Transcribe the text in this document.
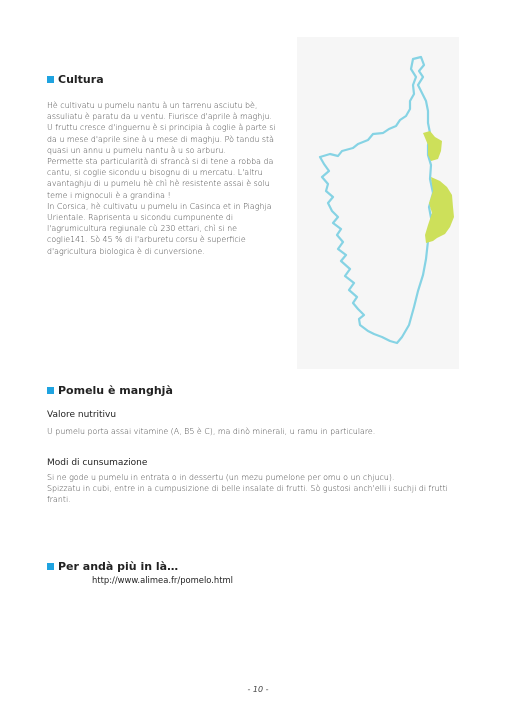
Cultura
Hè cultivatu u pumelu nantu à un tarrenu asciutu bè,
assuliatu è paratu da u ventu. Fiurisce d'aprile à maghju.
U fruttu cresce d'inguernu è si principia à coglie à parte si
da u mese d'aprile sine à u mese di maghju. Pò tandu stà
quasi un annu u pumelu nantu à u so arburu.
Permette sta particularità di sfrancà si di tene a robba da
cantu, si coglie sicondu u bisognu di u mercatu. L'altru
avantaghju di u pumelu hè chì hè resistente assai è solu
teme i mignoculi è a grandina !
In Corsica, hè cultivatu u pumelu in Casinca et in Piaghja
Urientale. Raprisenta u sicondu cumpunente di
l'agrumicultura regiunale cù 230 ettari, chì si ne
coglie141. Sò 45 % di l'arburetu corsu è superficie
d'agricultura biologica è di cunversione.
Pomelu è manghjà
Valore nutritivu
U pumelu porta assai vitamine (A, B5 è C), ma dinò minerali, u ramu in particulare.
Modi di cunsumazione
Si ne gode u pumelu in entrata o in dessertu (un mezu pumelone per omu o un chjucu).
Spizzatu in cubi, entre in a cumpusizione di belle insalate di frutti. Sò gustosi anch'elli i suchji di frutti
franti.
Per andà più in là…
http://www.alimea.fr/pomelo.html
- 10 -
